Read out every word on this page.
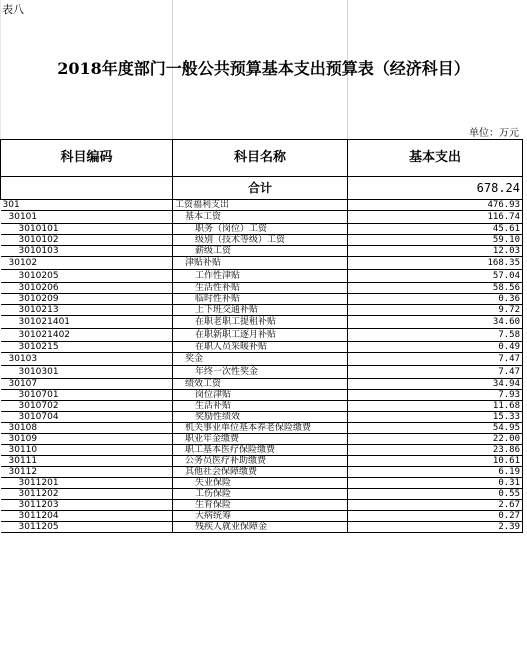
表八
2018年度部门一般公共预算基本支出预算表（经济科目）
单位：万元
科目编码	科目名称	基本支出
	合计	678.24
301	工资福利支出	476.93
30101	基本工资	116.74
3010101	职务（岗位）工资	45.61
3010102	级别（技术等级）工资	59.10
3010103	薪级工资	12.03
30102	津贴补贴	168.35
3010205	工作性津贴	57.04
3010206	生活性补贴	58.56
3010209	临时性补贴	0.36
3010213	上下班交通补贴	9.72
301021401	在职老职工提租补贴	34.60
301021402	在职新职工逐月补贴	7.58
3010215	在职人员采暖补贴	0.49
30103	奖金	7.47
3010301	年终一次性奖金	7.47
30107	绩效工资	34.94
3010701	岗位津贴	7.93
3010702	生活补贴	11.68
3010704	奖励性绩效	15.33
30108	机关事业单位基本养老保险缴费	54.95
30109	职业年金缴费	22.00
30110	职工基本医疗保险缴费	23.86
30111	公务员医疗补助缴费	10.61
30112	其他社会保障缴费	6.19
3011201	失业保险	0.31
3011202	工伤保险	0.55
3011203	生育保险	2.67
3011204	大病统筹	0.27
3011205	残疾人就业保障金	2.39
